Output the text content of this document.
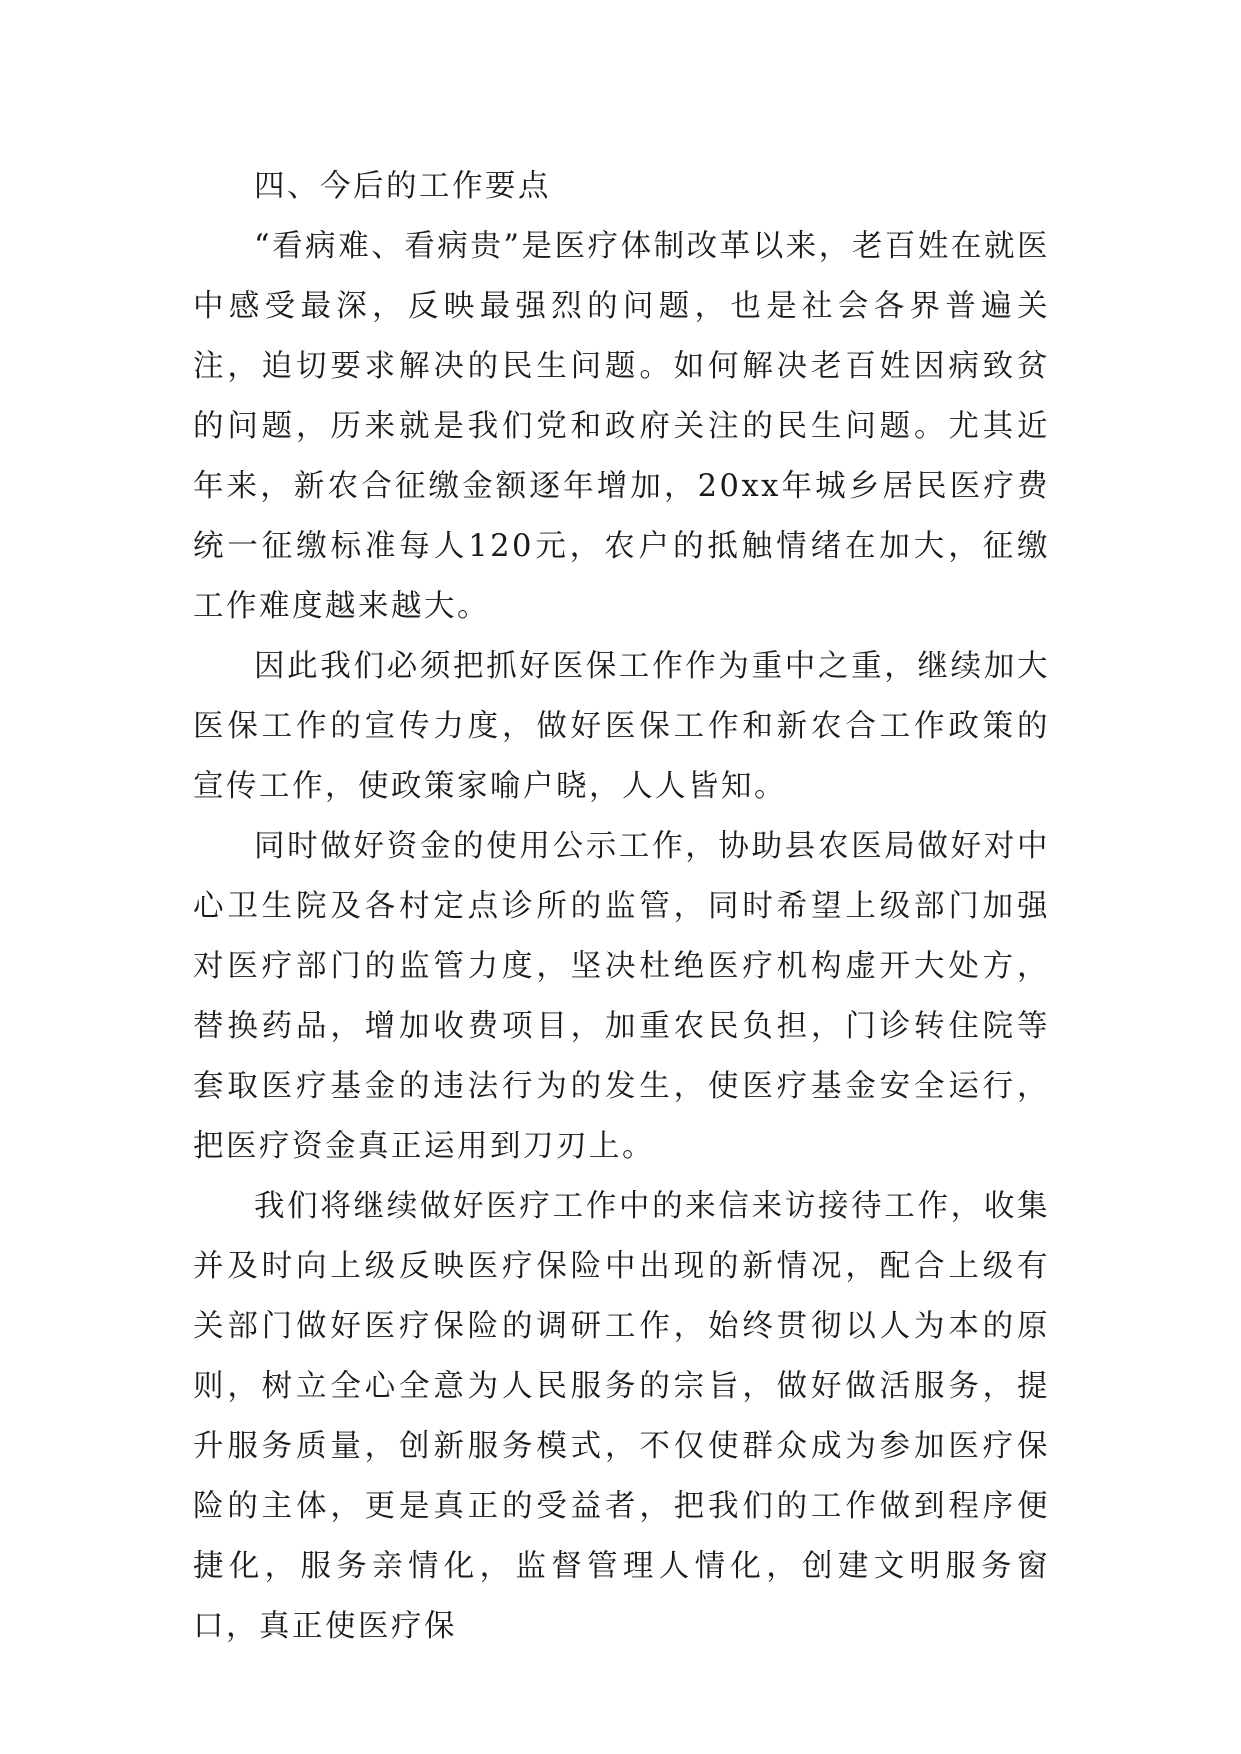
四、今后的工作要点

“看病难、看病贵”是医疗体制改革以来，老百姓在就医中感受最深，反映最强烈的问题，也是社会各界普遍关注，迫切要求解决的民生问题。如何解决老百姓因病致贫的问题，历来就是我们党和政府关注的民生问题。尤其近年来，新农合征缴金额逐年增加，20xx年城乡居民医疗费统一征缴标准每人120元，农户的抵触情绪在加大，征缴工作难度越来越大。

因此我们必须把抓好医保工作作为重中之重，继续加大医保工作的宣传力度，做好医保工作和新农合工作政策的宣传工作，使政策家喻户晓，人人皆知。

同时做好资金的使用公示工作，协助县农医局做好对中心卫生院及各村定点诊所的监管，同时希望上级部门加强对医疗部门的监管力度，坚决杜绝医疗机构虚开大处方，替换药品，增加收费项目，加重农民负担，门诊转住院等套取医疗基金的违法行为的发生，使医疗基金安全运行，把医疗资金真正运用到刀刃上。

我们将继续做好医疗工作中的来信来访接待工作，收集并及时向上级反映医疗保险中出现的新情况，配合上级有关部门做好医疗保险的调研工作，始终贯彻以人为本的原则，树立全心全意为人民服务的宗旨，做好做活服务，提升服务质量，创新服务模式，不仅使群众成为参加医疗保险的主体，更是真正的受益者，把我们的工作做到程序便捷化，服务亲情化，监督管理人情化，创建文明服务窗口，真正使医疗保
